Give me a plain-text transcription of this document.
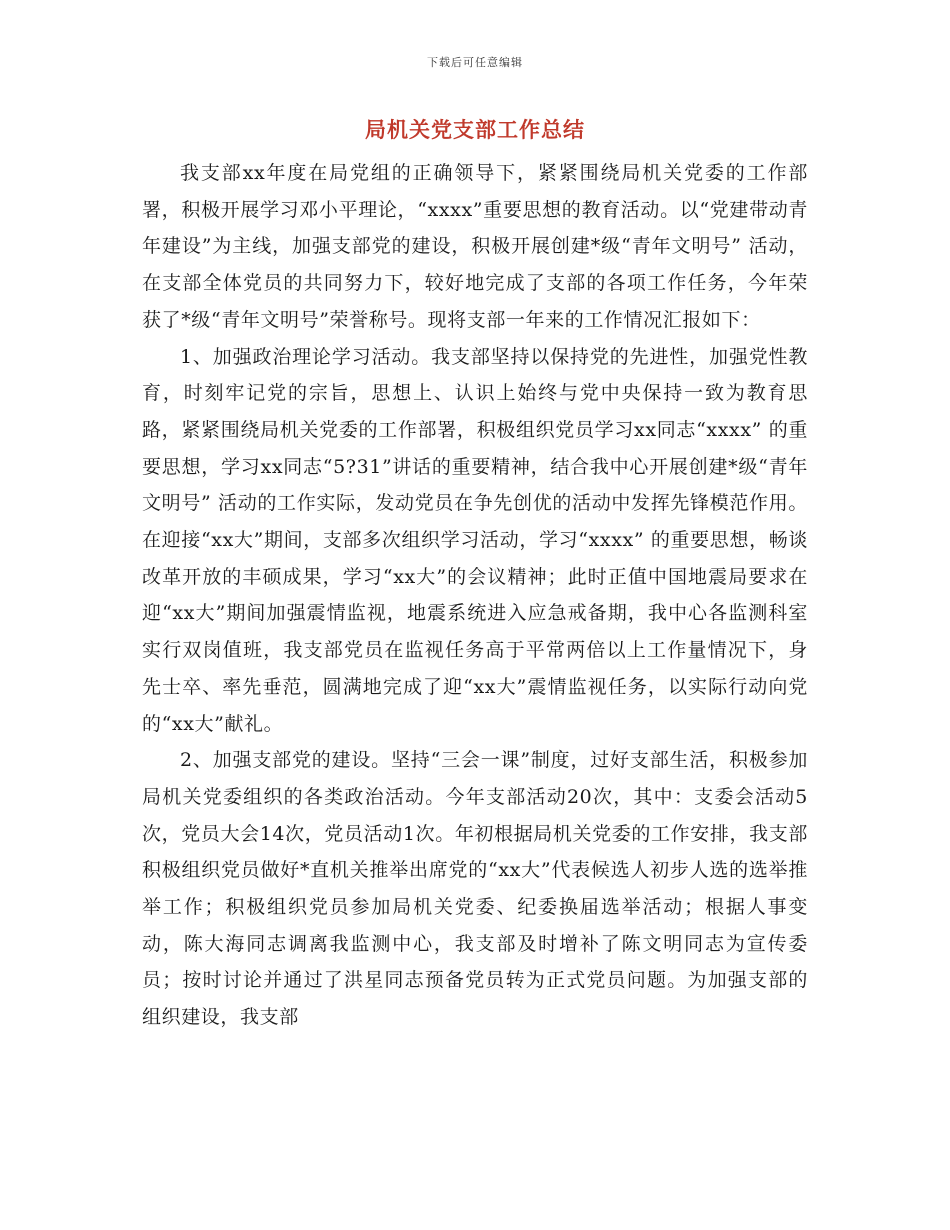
下载后可任意编辑
局机关党支部工作总结

我支部xx年度在局党组的正确领导下，紧紧围绕局机关党委的工作部署，积极开展学习邓小平理论，“xxxx”重要思想的教育活动。以“党建带动青年建设”为主线，加强支部党的建设，积极开展创建*级“青年文明号” 活动，在支部全体党员的共同努力下，较好地完成了支部的各项工作任务，今年荣获了*级“青年文明号”荣誉称号。现将支部一年来的工作情况汇报如下：

1、加强政治理论学习活动。我支部坚持以保持党的先进性，加强党性教育，时刻牢记党的宗旨，思想上、认识上始终与党中央保持一致为教育思路，紧紧围绕局机关党委的工作部署，积极组织党员学习xx同志“xxxx” 的重要思想，学习xx同志“5?31”讲话的重要精神，结合我中心开展创建*级“青年文明号” 活动的工作实际，发动党员在争先创优的活动中发挥先锋模范作用。在迎接“xx大”期间，支部多次组织学习活动，学习“xxxx” 的重要思想，畅谈改革开放的丰硕成果，学习“xx大”的会议精神；此时正值中国地震局要求在迎“xx大”期间加强震情监视，地震系统进入应急戒备期，我中心各监测科室实行双岗值班，我支部党员在监视任务高于平常两倍以上工作量情况下，身先士卒、率先垂范，圆满地完成了迎“xx大”震情监视任务，以实际行动向党的“xx大”献礼。

2、加强支部党的建设。坚持“三会一课”制度，过好支部生活，积极参加局机关党委组织的各类政治活动。今年支部活动20次，其中：支委会活动5次，党员大会14次，党员活动1次。年初根据局机关党委的工作安排，我支部积极组织党员做好*直机关推举出席党的“xx大”代表候选人初步人选的选举推举工作；积极组织党员参加局机关党委、纪委换届选举活动；根据人事变动，陈大海同志调离我监测中心，我支部及时增补了陈文明同志为宣传委员；按时讨论并通过了洪星同志预备党员转为正式党员问题。为加强支部的组织建设，我支部
